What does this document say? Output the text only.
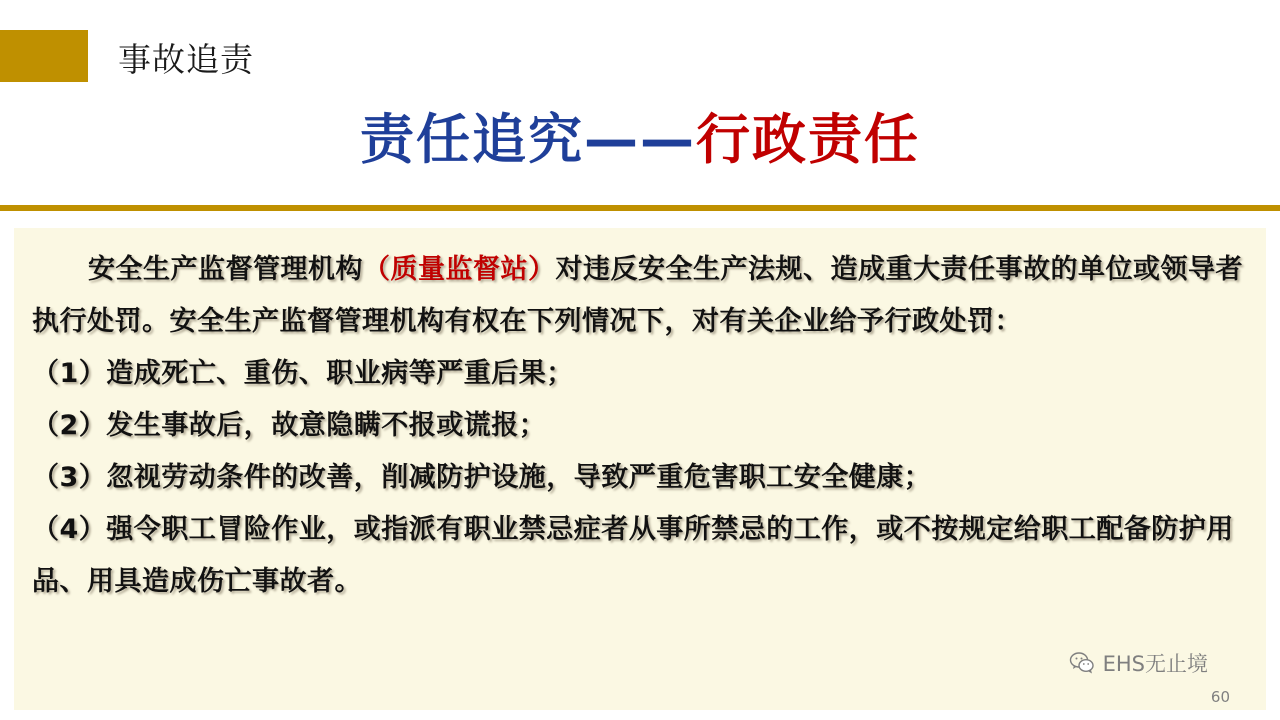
事故追责
责任追究——行政责任

安全生产监督管理机构（质量监督站）对违反安全生产法规、造成重大责任事故的单位或领导者执行处罚。安全生产监督管理机构有权在下列情况下，对有关企业给予行政处罚：

（1）造成死亡、重伤、职业病等严重后果；

（2）发生事故后，故意隐瞒不报或谎报；

（3）忽视劳动条件的改善，削减防护设施，导致严重危害职工安全健康；

（4）强令职工冒险作业，或指派有职业禁忌症者从事所禁忌的工作，或不按规定给职工配备防护用品、用具造成伤亡事故者。

EHS无止境
60
